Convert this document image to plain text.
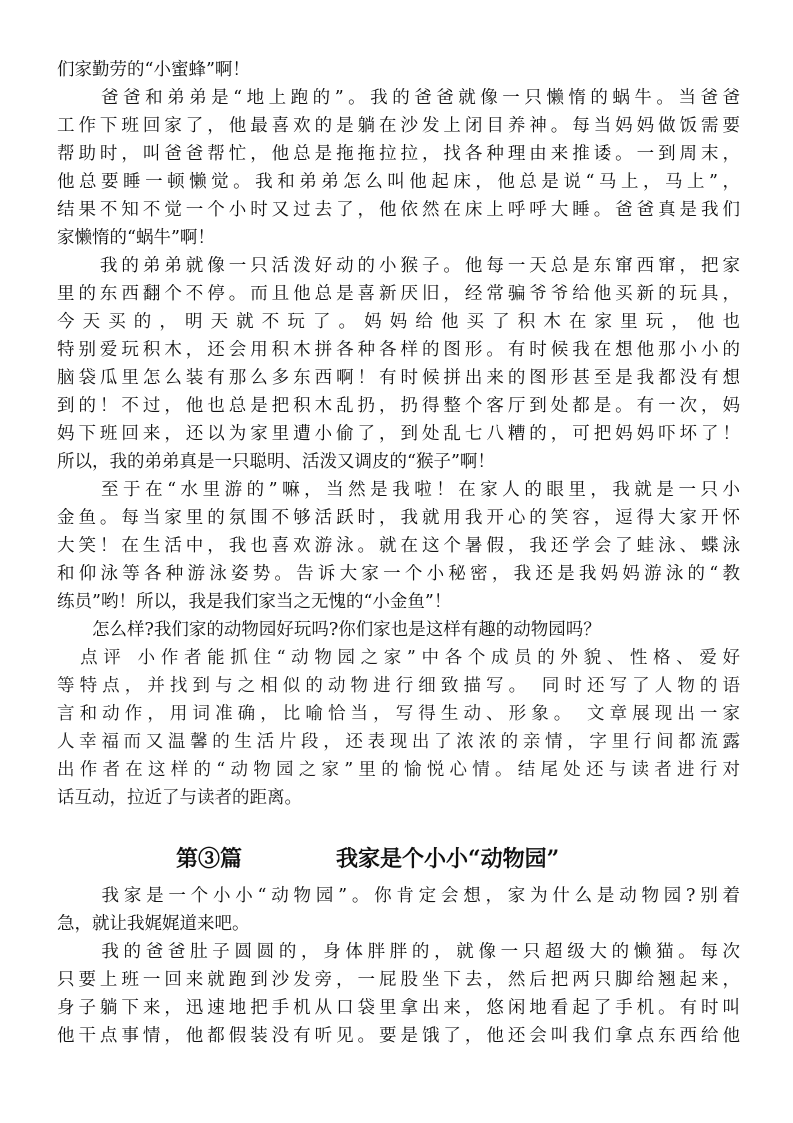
们家勤劳的“小蜜蜂”啊！
　　爸爸和弟弟是“地上跑的”。我的爸爸就像一只懒惰的蜗牛。当爸爸
工作下班回家了，他最喜欢的是躺在沙发上闭目养神。每当妈妈做饭需要
帮助时，叫爸爸帮忙，他总是拖拖拉拉，找各种理由来推诿。一到周末，
他总要睡一顿懒觉。我和弟弟怎么叫他起床，他总是说“马上，马上”，
结果不知不觉一个小时又过去了，他依然在床上呼呼大睡。爸爸真是我们
家懒惰的“蜗牛”啊！
　　我的弟弟就像一只活泼好动的小猴子。他每一天总是东窜西窜，把家
里的东西翻个不停。而且他总是喜新厌旧，经常骗爷爷给他买新的玩具，
今天买的，明天就不玩了。妈妈给他买了积木在家里玩，他也
特别爱玩积木，还会用积木拼各种各样的图形。有时候我在想他那小小的
脑袋瓜里怎么装有那么多东西啊！有时候拼出来的图形甚至是我都没有想
到的！不过，他也总是把积木乱扔，扔得整个客厅到处都是。有一次，妈
妈下班回来，还以为家里遭小偷了，到处乱七八糟的，可把妈妈吓坏了！
所以，我的弟弟真是一只聪明、活泼又调皮的“猴子”啊！
　　至于在“水里游的”嘛，当然是我啦！在家人的眼里，我就是一只小
金鱼。每当家里的氛围不够活跃时，我就用我开心的笑容，逗得大家开怀
大笑！在生活中，我也喜欢游泳。就在这个暑假，我还学会了蛙泳、蝶泳
和仰泳等各种游泳姿势。告诉大家一个小秘密，我还是我妈妈游泳的“教
练员”哟！所以，我是我们家当之无愧的“小金鱼”！
　　怎么样?我们家的动物园好玩吗?你们家也是这样有趣的动物园吗？
　点评 小作者能抓住“动物园之家”中各个成员的外貌、性格、爱好
等特点，并找到与之相似的动物进行细致描写。 同时还写了人物的语
言和动作，用词准确，比喻恰当，写得生动、形象。 文章展现出一家
人幸福而又温馨的生活片段，还表现出了浓浓的亲情，字里行间都流露
出作者在这样的“动物园之家”里的愉悦心情。结尾处还与读者进行对
话互动，拉近了与读者的距离。
第③篇	我家是个小小“动物园”
　　我家是一个小小“动物园”。你肯定会想，家为什么是动物园?别着
急，就让我娓娓道来吧。
　　我的爸爸肚子圆圆的，身体胖胖的，就像一只超级大的懒猫。每次
只要上班一回来就跑到沙发旁，一屁股坐下去，然后把两只脚给翘起来，
身子躺下来，迅速地把手机从口袋里拿出来，悠闲地看起了手机。有时叫
他干点事情，他都假装没有听见。要是饿了，他还会叫我们拿点东西给他
